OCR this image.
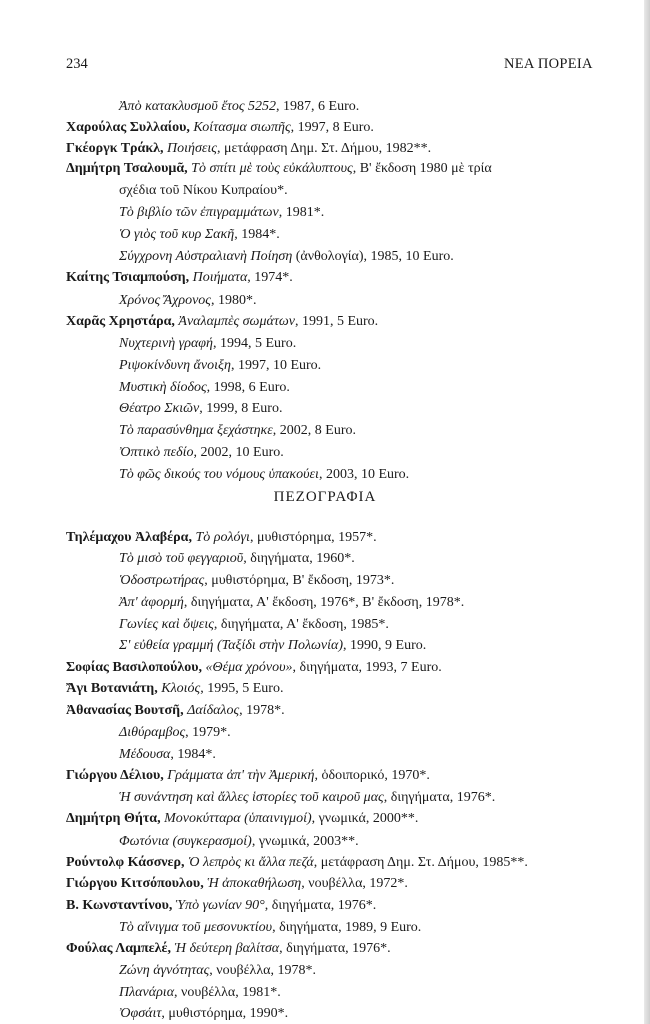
234	ΝΕΑ ΠΟΡΕΙΑ
Ἀπὸ κατακλυσμοῦ ἔτος 5252, 1987, 6 Euro.
Χαρούλας Συλλαίου, Κοίτασμα σιωπῆς, 1997, 8 Euro.
Γκέοργκ Τράκλ, Ποιήσεις, μετάφραση Δημ. Στ. Δήμου, 1982**.
Δημήτρη Τσαλουμᾶ, Τὸ σπίτι μὲ τοὺς εὐκάλυπτους, Β' ἔκδοση 1980 μὲ τρία
σχέδια τοῦ Νίκου Κυπραίου*.
Τὸ βιβλίο τῶν ἐπιγραμμάτων, 1981*.
Ὁ γιὸς τοῦ κυρ Σακῆ, 1984*.
Σύγχρονη Αὐστραλιανὴ Ποίηση (ἀνθολογία), 1985, 10 Euro.
Καίτης Τσιαμπούση, Ποιήματα, 1974*.
Χρόνος Ἄχρονος, 1980*.
Χαρᾶς Χρηστάρα, Ἀναλαμπὲς σωμάτων, 1991, 5 Euro.
Νυχτερινὴ γραφή, 1994, 5 Euro.
Ριψοκίνδυνη ἄνοιξη, 1997, 10 Euro.
Μυστικὴ δίοδος, 1998, 6 Euro.
Θέατρο Σκιῶν, 1999, 8 Euro.
Τὸ παρασύνθημα ξεχάστηκε, 2002, 8 Euro.
Ὀπτικὸ πεδίο, 2002, 10 Euro.
Τὸ φῶς δικούς του νόμους ὑπακούει, 2003, 10 Euro.
ΠΕΖΟΓΡΑΦΙΑ
Τηλέμαχου Ἀλαβέρα, Τὸ ρολόγι, μυθιστόρημα, 1957*.
Τὸ μισὸ τοῦ φεγγαριοῦ, διηγήματα, 1960*.
Ὁδοστρωτήρας, μυθιστόρημα, Β' ἔκδοση, 1973*.
Ἀπ' ἀφορμή, διηγήματα, Α' ἔκδοση, 1976*, Β' ἔκδοση, 1978*.
Γωνίες καὶ ὄψεις, διηγήματα, Α' ἔκδοση, 1985*.
Σ' εὐθεία γραμμή (Ταξίδι στὴν Πολωνία), 1990, 9 Euro.
Σοφίας Βασιλοπούλου, «Θέμα χρόνου», διηγήματα, 1993, 7 Euro.
Ἄγι Βοτανιάτη, Κλοιός, 1995, 5 Euro.
Ἀθανασίας Βουτσῆ, Δαίδαλος, 1978*.
Διθύραμβος, 1979*.
Μέδουσα, 1984*.
Γιώργου Δέλιου, Γράμματα ἀπ' τὴν Ἀμερική, ὁδοιπορικό, 1970*.
Ἡ συνάντηση καὶ ἄλλες ἱστορίες τοῦ καιροῦ μας, διηγήματα, 1976*.
Δημήτρη Θήτα, Μονοκύτταρα (ὑπαινιγμοί), γνωμικά, 2000**.
Φωτόνια (συγκερασμοί), γνωμικά, 2003**.
Ρούντολφ Κάσσνερ, Ὁ λεπρὸς κι ἄλλα πεζά, μετάφραση Δημ. Στ. Δήμου, 1985**.
Γιώργου Κιτσόπουλου, Ἡ ἀποκαθήλωση, νουβέλλα, 1972*.
Β. Κωνσταντίνου, Ὑπὸ γωνίαν 90°, διηγήματα, 1976*.
Τὸ αἴνιγμα τοῦ μεσονυκτίου, διηγήματα, 1989, 9 Euro.
Φούλας Λαμπελέ, Ἡ δεύτερη βαλίτσα, διηγήματα, 1976*.
Ζώνη ἁγνότητας, νουβέλλα, 1978*.
Πλανάρια, νουβέλλα, 1981*.
Ὀφσάιτ, μυθιστόρημα, 1990*.
